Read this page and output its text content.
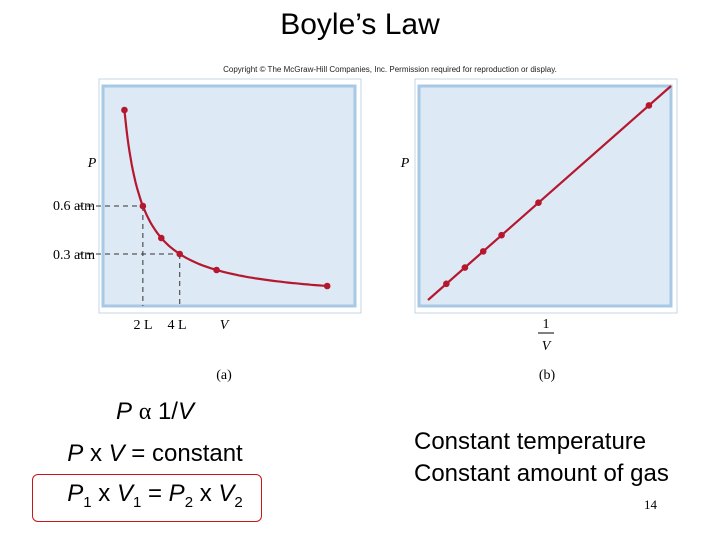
Boyle’s Law
Copyright © The McGraw-Hill Companies, Inc. Permission required for reproduction or display.
P
0.6 atm
0.3 atm
2 L 4 L V
(a)
P
1
V
(b)
P α 1/V
P x V = constant
$P_1$ x $V_1 = P_2$ x $V_2$
Constant temperature
Constant amount of gas
14
